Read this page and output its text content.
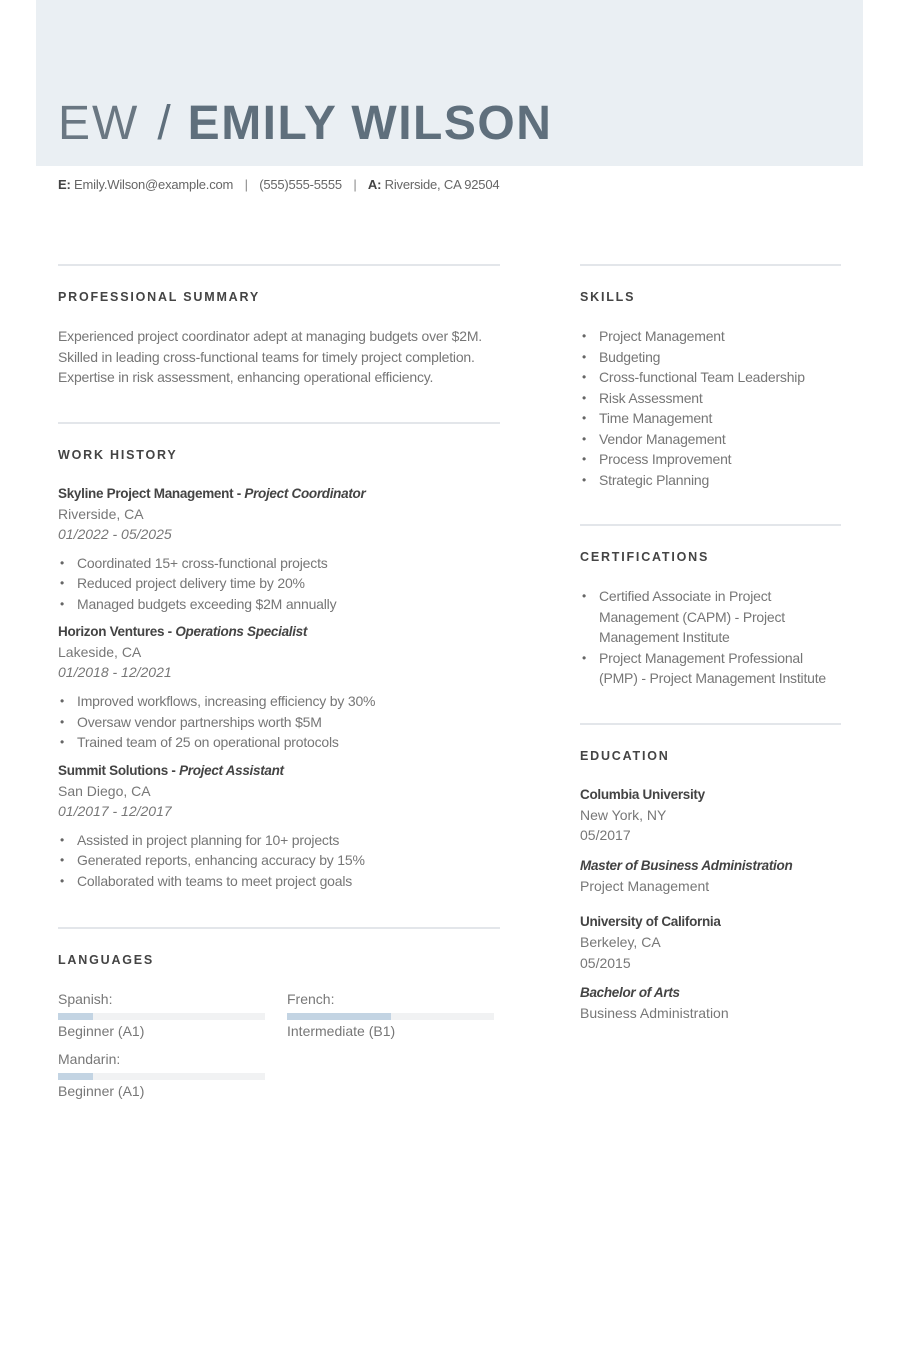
EW / EMILY WILSON
E: Emily.Wilson@example.com | (555)555-5555 | A: Riverside, CA 92504
PROFESSIONAL SUMMARY

Experienced project coordinator adept at managing budgets over $2M. Skilled in leading cross-functional teams for timely project completion. Expertise in risk assessment, enhancing operational efficiency.

WORK HISTORY
Skyline Project Management - Project Coordinator
Riverside, CA
01/2022 - 05/2025
• Coordinated 15+ cross-functional projects
• Reduced project delivery time by 20%
• Managed budgets exceeding $2M annually
Horizon Ventures - Operations Specialist
Lakeside, CA
01/2018 - 12/2021
• Improved workflows, increasing efficiency by 30%
• Oversaw vendor partnerships worth $5M
• Trained team of 25 on operational protocols
Summit Solutions - Project Assistant
San Diego, CA
01/2017 - 12/2017
• Assisted in project planning for 10+ projects
• Generated reports, enhancing accuracy by 15%
• Collaborated with teams to meet project goals
LANGUAGES
Spanish:
Beginner (A1)
French:
Intermediate (B1)
Mandarin:
Beginner (A1)
SKILLS
• Project Management
• Budgeting
• Cross-functional Team Leadership
• Risk Assessment
• Time Management
• Vendor Management
• Process Improvement
• Strategic Planning
CERTIFICATIONS
• Certified Associate in Project Management (CAPM) - Project Management Institute
• Project Management Professional (PMP) - Project Management Institute
EDUCATION
Columbia University
New York, NY
05/2017
Master of Business Administration
Project Management
University of California
Berkeley, CA
05/2015
Bachelor of Arts
Business Administration
